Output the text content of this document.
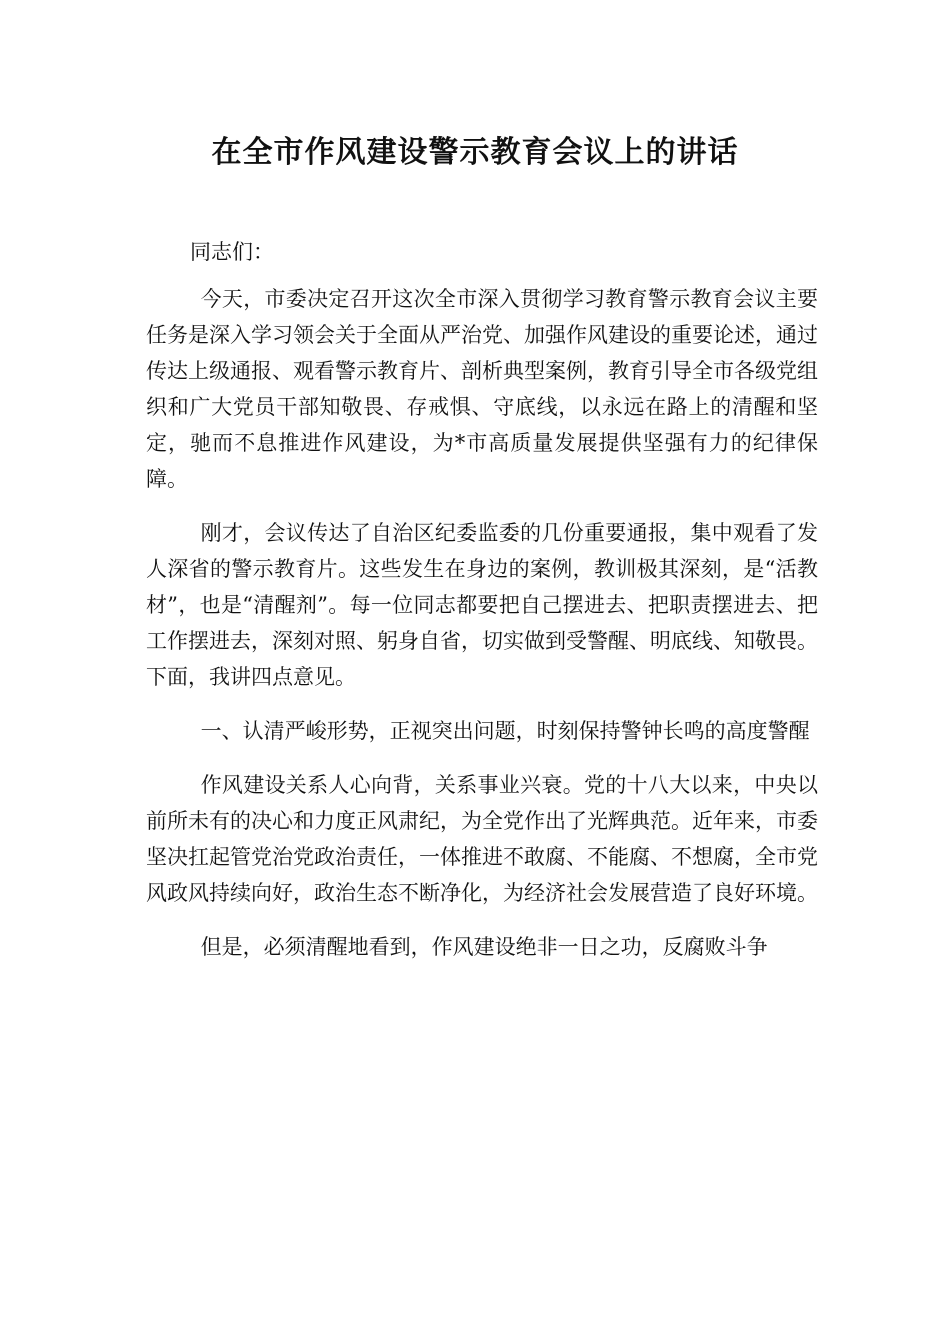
在全市作风建设警示教育会议上的讲话

同志们：

今天，市委决定召开这次全市深入贯彻学习教育警示教育会议主要任务是深入学习领会关于全面从严治党、加强作风建设的重要论述，通过传达上级通报、观看警示教育片、剖析典型案例，教育引导全市各级党组织和广大党员干部知敬畏、存戒惧、守底线，以永远在路上的清醒和坚定，驰而不息推进作风建设，为*市高质量发展提供坚强有力的纪律保障。

刚才，会议传达了自治区纪委监委的几份重要通报，集中观看了发人深省的警示教育片。这些发生在身边的案例，教训极其深刻，是“活教材”，也是“清醒剂”。每一位同志都要把自己摆进去、把职责摆进去、把工作摆进去，深刻对照、躬身自省，切实做到受警醒、明底线、知敬畏。下面，我讲四点意见。

一、认清严峻形势，正视突出问题，时刻保持警钟长鸣的高度警醒

作风建设关系人心向背，关系事业兴衰。党的十八大以来，中央以前所未有的决心和力度正风肃纪，为全党作出了光辉典范。近年来，市委坚决扛起管党治党政治责任，一体推进不敢腐、不能腐、不想腐，全市党风政风持续向好，政治生态不断净化，为经济社会发展营造了良好环境。

但是，必须清醒地看到，作风建设绝非一日之功，反腐败斗争
